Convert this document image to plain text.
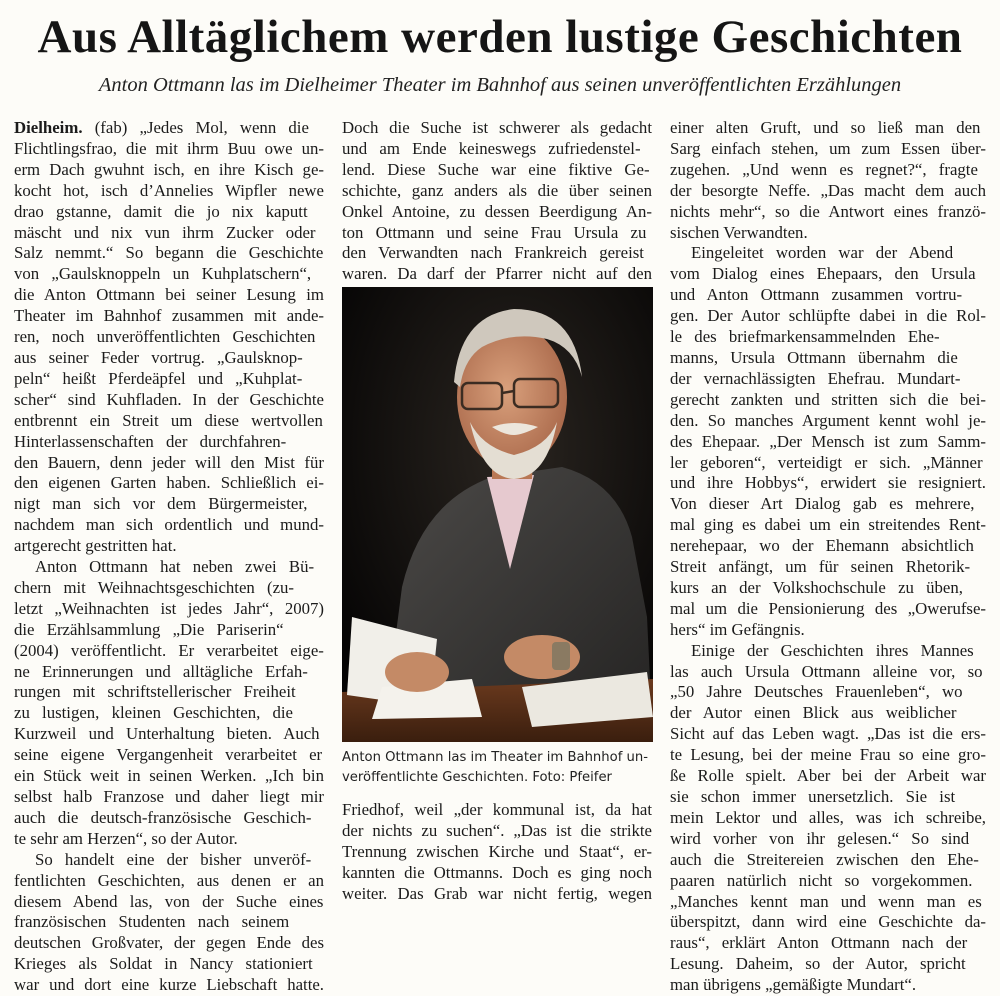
Aus Alltäglichem werden lustige Geschichten
Anton Ottmann las im Dielheimer Theater im Bahnhof aus seinen unveröffentlichten Erzählungen
Dielheim. (fab) „Jedes Mol, wenn die
Flichtlingsfrao, die mit ihrm Buu owe un-
erm Dach gwuhnt isch, en ihre Kisch ge-
kocht hot, isch d’Annelies Wipfler newe
drao gstanne, damit die jo nix kaputt
mäscht und nix vun ihrm Zucker oder
Salz nemmt.“ So begann die Geschichte
von „Gaulsknoppeln un Kuhplatschern“,
die Anton Ottmann bei seiner Lesung im
Theater im Bahnhof zusammen mit ande-
ren, noch unveröffentlichten Geschichten
aus seiner Feder vortrug. „Gaulsknop-
peln“ heißt Pferdeäpfel und „Kuhplat-
scher“ sind Kuhfladen. In der Geschichte
entbrennt ein Streit um diese wertvollen
Hinterlassenschaften der durchfahren-
den Bauern, denn jeder will den Mist für
den eigenen Garten haben. Schließlich ei-
nigt man sich vor dem Bürgermeister,
nachdem man sich ordentlich und mund-
artgerecht gestritten hat.
Anton Ottmann hat neben zwei Bü-
chern mit Weihnachtsgeschichten (zu-
letzt „Weihnachten ist jedes Jahr“, 2007)
die Erzählsammlung „Die Pariserin“
(2004) veröffentlicht. Er verarbeitet eige-
ne Erinnerungen und alltägliche Erfah-
rungen mit schriftstellerischer Freiheit
zu lustigen, kleinen Geschichten, die
Kurzweil und Unterhaltung bieten. Auch
seine eigene Vergangenheit verarbeitet er
ein Stück weit in seinen Werken. „Ich bin
selbst halb Franzose und daher liegt mir
auch die deutsch-französische Geschich-
te sehr am Herzen“, so der Autor.
So handelt eine der bisher unveröf-
fentlichten Geschichten, aus denen er an
diesem Abend las, von der Suche eines
französischen Studenten nach seinem
deutschen Großvater, der gegen Ende des
Krieges als Soldat in Nancy stationiert
war und dort eine kurze Liebschaft hatte.
Doch die Suche ist schwerer als gedacht
und am Ende keineswegs zufriedenstel-
lend. Diese Suche war eine fiktive Ge-
schichte, ganz anders als die über seinen
Onkel Antoine, zu dessen Beerdigung An-
ton Ottmann und seine Frau Ursula zu
den Verwandten nach Frankreich gereist
waren. Da darf der Pfarrer nicht auf den
Anton Ottmann las im Theater im Bahnhof un-
veröffentlichte Geschichten. Foto: Pfeifer
Friedhof, weil „der kommunal ist, da hat
der nichts zu suchen“. „Das ist die strikte
Trennung zwischen Kirche und Staat“, er-
kannten die Ottmanns. Doch es ging noch
weiter. Das Grab war nicht fertig, wegen
einer alten Gruft, und so ließ man den
Sarg einfach stehen, um zum Essen über-
zugehen. „Und wenn es regnet?“, fragte
der besorgte Neffe. „Das macht dem auch
nichts mehr“, so die Antwort eines franzö-
sischen Verwandten.
Eingeleitet worden war der Abend
vom Dialog eines Ehepaars, den Ursula
und Anton Ottmann zusammen vortru-
gen. Der Autor schlüpfte dabei in die Rol-
le des briefmarkensammelnden Ehe-
manns, Ursula Ottmann übernahm die
der vernachlässigten Ehefrau. Mundart-
gerecht zankten und stritten sich die bei-
den. So manches Argument kennt wohl je-
des Ehepaar. „Der Mensch ist zum Samm-
ler geboren“, verteidigt er sich. „Männer
und ihre Hobbys“, erwidert sie resigniert.
Von dieser Art Dialog gab es mehrere,
mal ging es dabei um ein streitendes Rent-
nerehepaar, wo der Ehemann absichtlich
Streit anfängt, um für seinen Rhetorik-
kurs an der Volkshochschule zu üben,
mal um die Pensionierung des „Owerufse-
hers“ im Gefängnis.
Einige der Geschichten ihres Mannes
las auch Ursula Ottmann alleine vor, so
„50 Jahre Deutsches Frauenleben“, wo
der Autor einen Blick aus weiblicher
Sicht auf das Leben wagt. „Das ist die ers-
te Lesung, bei der meine Frau so eine gro-
ße Rolle spielt. Aber bei der Arbeit war
sie schon immer unersetzlich. Sie ist
mein Lektor und alles, was ich schreibe,
wird vorher von ihr gelesen.“ So sind
auch die Streitereien zwischen den Ehe-
paaren natürlich nicht so vorgekommen.
„Manches kennt man und wenn man es
überspitzt, dann wird eine Geschichte da-
raus“, erklärt Anton Ottmann nach der
Lesung. Daheim, so der Autor, spricht
man übrigens „gemäßigte Mundart“.
